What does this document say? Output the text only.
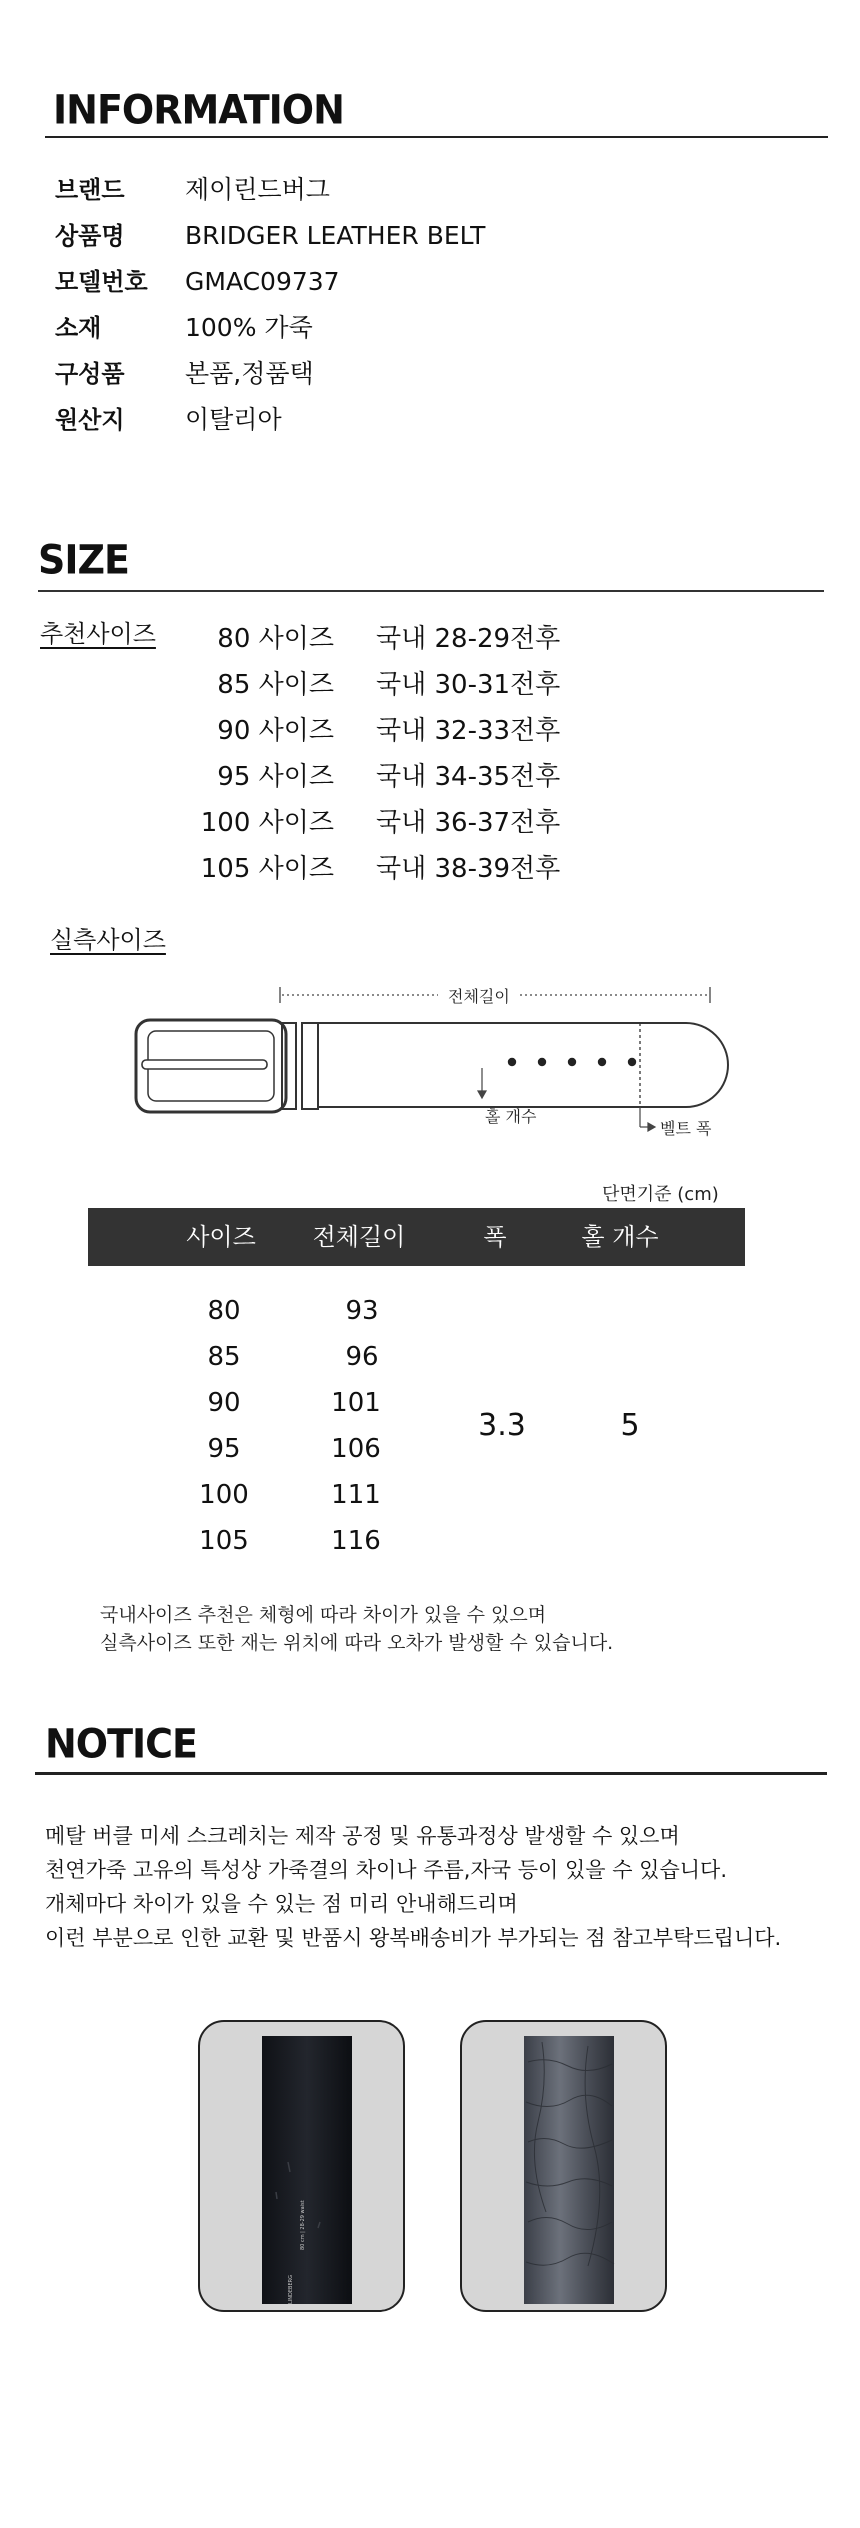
INFORMATION
브랜드	제이린드버그
상품명	BRIDGER LEATHER BELT
모델번호	GMAC09737
소재	100% 가죽
구성품	본품,정품택
원산지	이탈리아
SIZE
추천사이즈 80 사이즈 국내 28-29전후
85 사이즈 국내 30-31전후
90 사이즈 국내 32-33전후
95 사이즈 국내 34-35전후
100 사이즈 국내 36-37전후
105 사이즈 국내 38-39전후
실측사이즈
전체길이
벨트 폭
홀 개수
단면기준 (cm)
사이즈 전체길이	폭	홀 개수
80	93
85	96
90	101
95	106
100	111
105	116
3.3	5
국내사이즈 추천은 체형에 따라 차이가 있을 수 있으며
실측사이즈 또한 재는 위치에 따라 오차가 발생할 수 있습니다.
NOTICE
메탈 버클 미세 스크레치는 제작 공정 및 유통과정상 발생할 수 있으며
천연가죽 고유의 특성상 가죽결의 차이나 주름,자국 등이 있을 수 있습니다.
개체마다 차이가 있을 수 있는 점 미리 안내해드리며
이런 부분으로 인한 교환 및 반품시 왕복배송비가 부가되는 점 참고부탁드립니다.
80 cm | 28-29 waist
LINDEBERG
